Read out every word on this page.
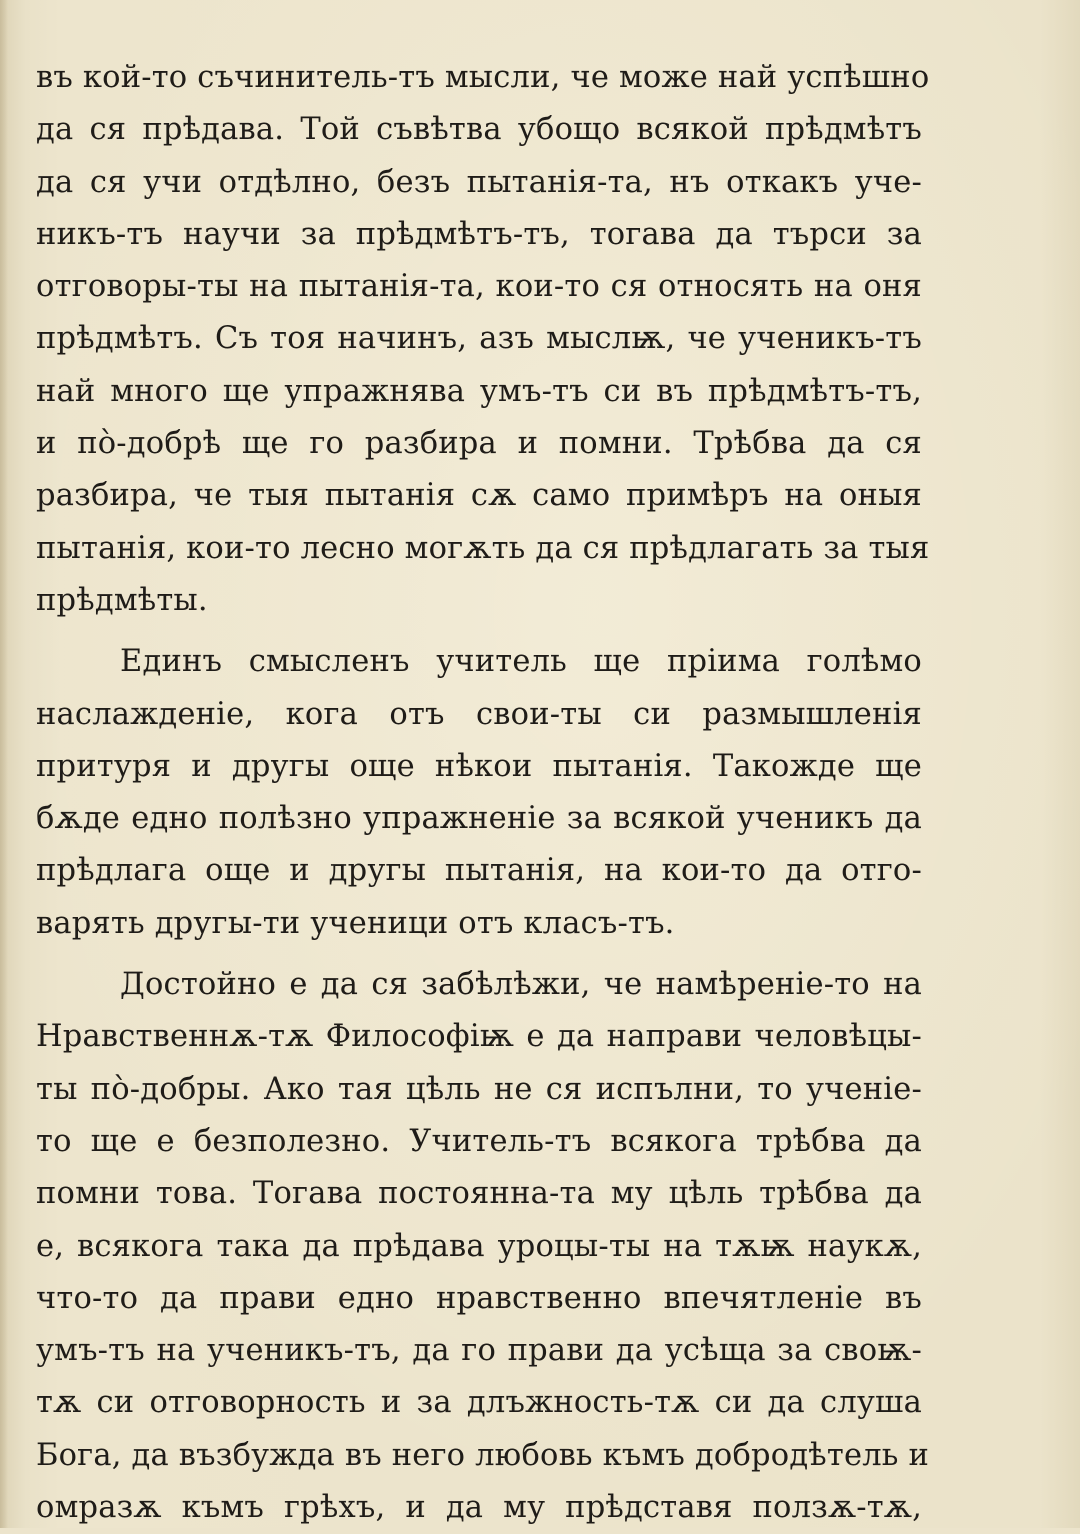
въ кой-то съчинитель-тъ мысли, че може най успѣшно
да ся прѣдава. Той съвѣтва убощо всякой прѣдмѣтъ
да ся учи отдѣлно, безъ пытанія-та, нъ откакъ уче-
никъ-тъ научи за прѣдмѣтъ-тъ, тогава да търси за
отговоры-ты на пытанія-та, кои-то ся относять на оня
прѣдмѣтъ. Съ тоя начинъ, азъ мыслѭ, че ученикъ-тъ
най много ще упражнява умъ-тъ си въ прѣдмѣтъ-тъ,
и пò-добрѣ ще го разбира и помни. Трѣбва да ся
разбира, че тыя пытанія сѫ само примѣръ на оныя
пытанія, кои-то лесно могѫть да ся прѣдлагать за тыя
прѣдмѣты.
Единъ смысленъ учитель ще пріима голѣмо
наслажденіе, кога отъ свои-ты си размышленія
притуря и другы още нѣкои пытанія. Такожде ще
бѫде едно полѣзно упражненіе за всякой ученикъ да
прѣдлага още и другы пытанія, на кои-то да отго-
варять другы-ти ученици отъ класъ-тъ.
Достойно е да ся забѣлѣжи, че намѣреніе-то на
Нравственнѫ-тѫ Философіѭ е да направи человѣцы-
ты пò-добры. Ако тая цѣль не ся испълни, то ученіе-
то ще е безполезно. Учитель-тъ всякога трѣбва да
помни това. Тогава постоянна-та му цѣль трѣбва да
е, всякога така да прѣдава уроцы-ты на тѫѭ наукѫ,
что-то да прави едно нравственно впечятленіе въ
умъ-тъ на ученикъ-тъ, да го прави да усѣща за своѭ-
тѫ си отговорность и за длъжность-тѫ си да слуша
Бога, да възбужда въ него любовь къмъ добродѣтель и
омразѫ къмъ грѣхъ, и да му прѣдставя ползѫ-тѫ,
